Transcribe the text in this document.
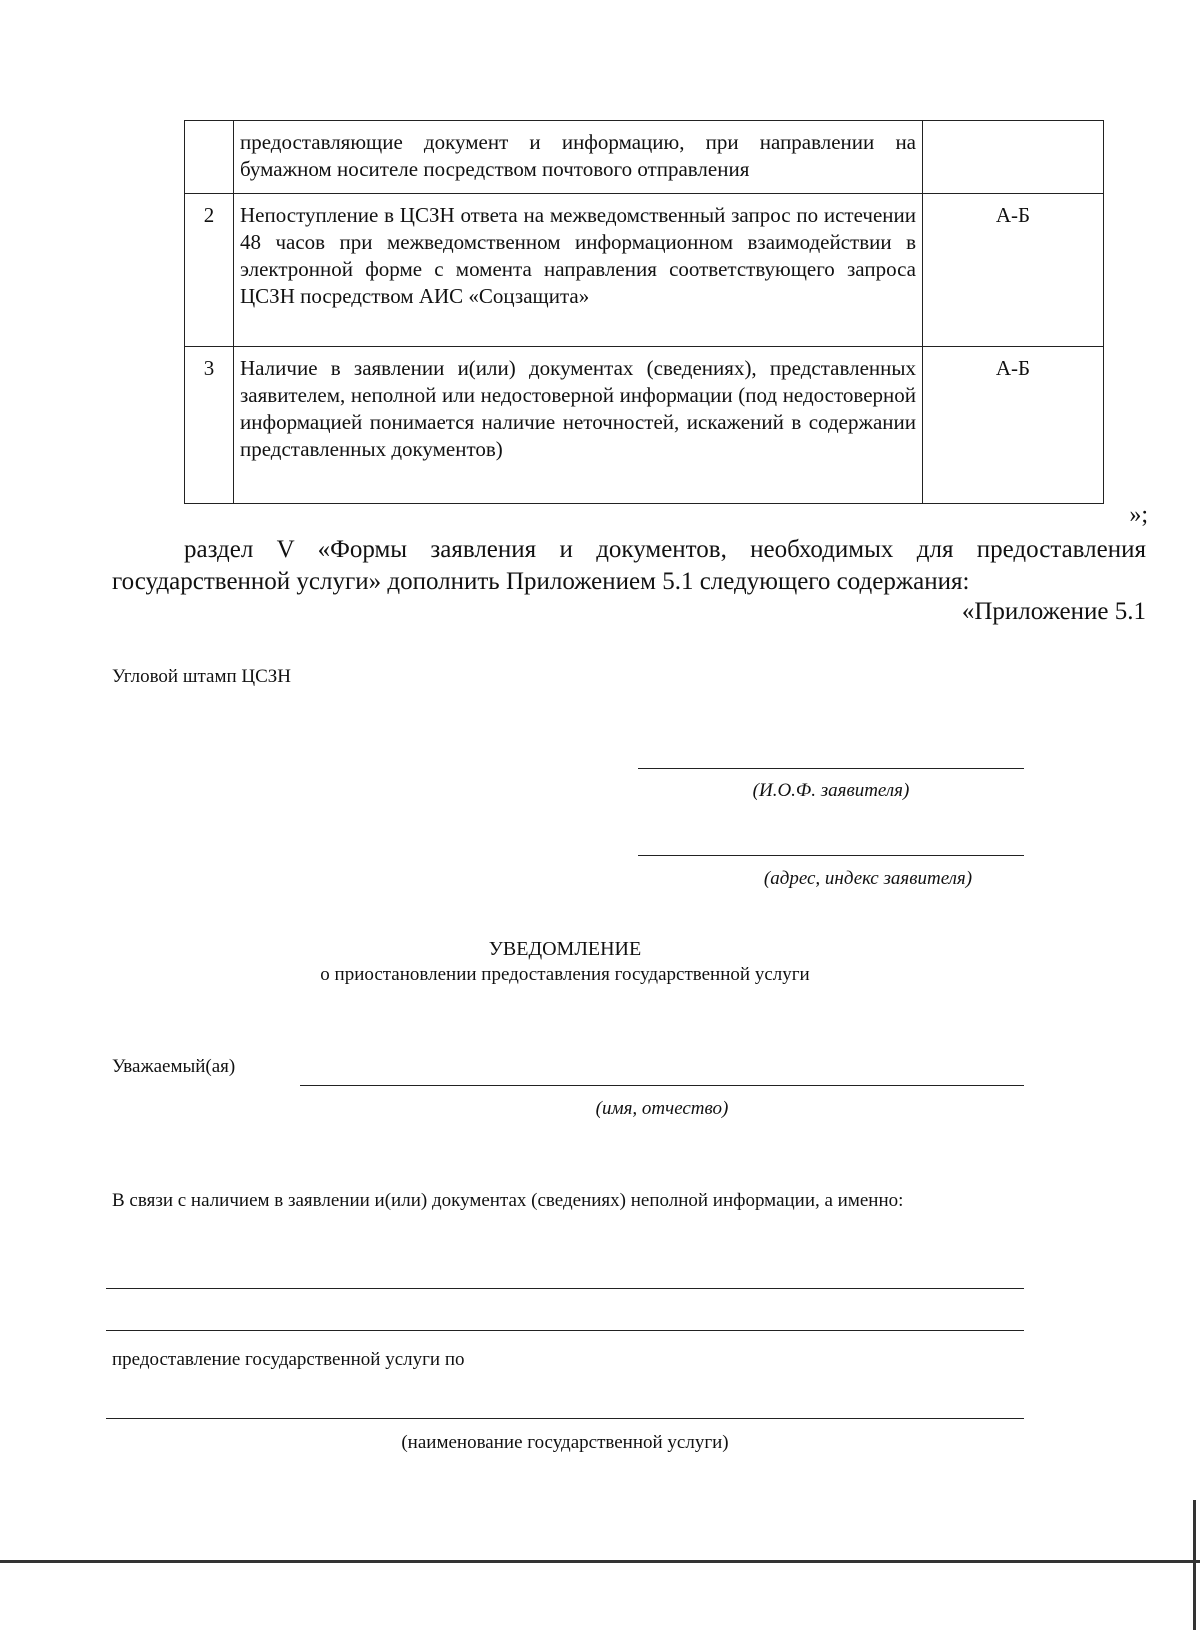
	предоставляющие документ и информацию, при направлении на бумажном носителе посредством почтового отправления	
2	Непоступление в ЦСЗН ответа на межведомственный запрос по истечении 48 часов при межведомственном информационном взаимодействии в электронной форме с момента направления соответствующего запроса ЦСЗН посредством АИС «Соцзащита»	А-Б
3	Наличие в заявлении и(или) документах (сведениях), представленных заявителем, неполной или недостоверной информации (под недостоверной информацией понимается наличие неточностей, искажений в содержании представленных документов)	А-Б
»;
раздел V «Формы заявления и документов, необходимых для предоставления государственной услуги» дополнить Приложением 5.1 следующего содержания:
«Приложение 5.1
Угловой штамп ЦСЗН
(И.О.Ф. заявителя)
(адрес, индекс заявителя)
УВЕДОМЛЕНИЕ
о приостановлении предоставления государственной услуги
Уважаемый(ая)
(имя, отчество)
В связи с наличием в заявлении и(или) документах (сведениях) неполной информации, а именно:
предоставление государственной услуги по
(наименование государственной услуги)
